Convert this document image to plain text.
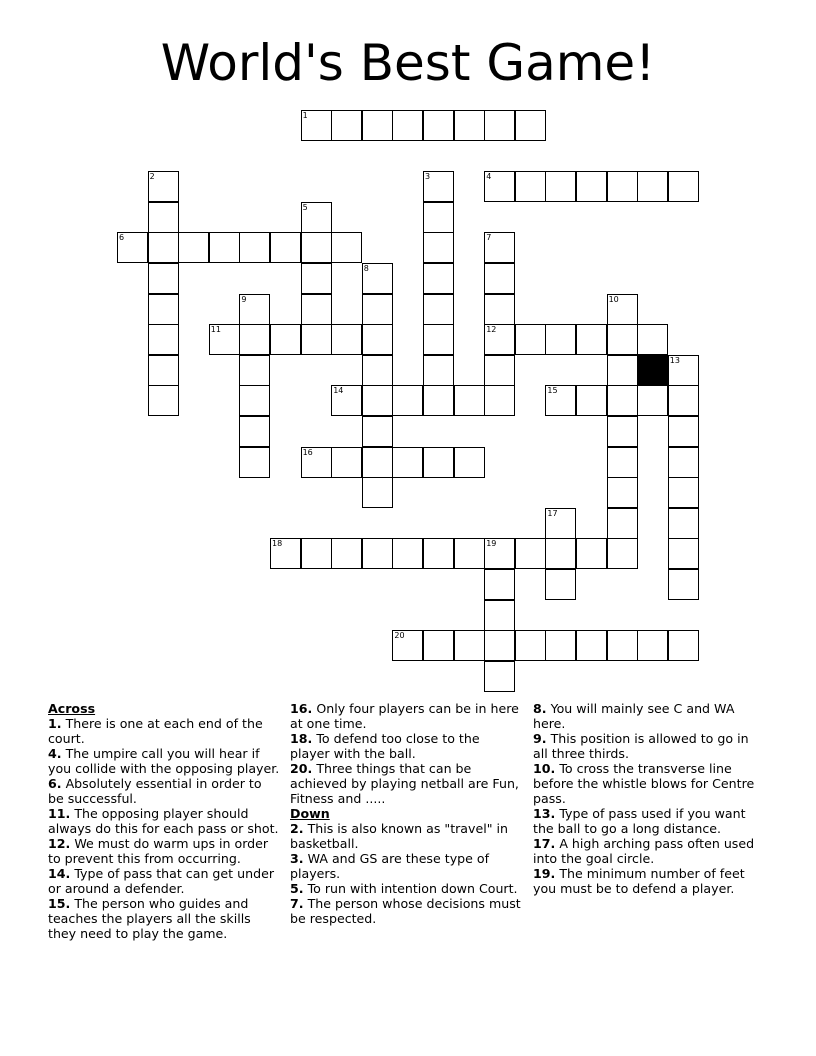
World's Best Game!
1
2	3	4
5
6	7
12
8
9	10
11
13
14	15
16
17
18	19
20
Across
1. There is one at each end of the court.
4. The umpire call you will hear if you collide with the opposing player.
6. Absolutely essential in order to be successful.
11. The opposing player should always do this for each pass or shot.
12. We must do warm ups in order to prevent this from occurring.
14. Type of pass that can get under or around a defender.
15. The person who guides and teaches the players all the skills they need to play the game.
16. Only four players can be in here at one time.
18. To defend too close to the player with the ball.
20. Three things that can be achieved by playing netball are Fun, Fitness and .....
Down
2. This is also known as "travel" in basketball.
3. WA and GS are these type of players.
5. To run with intention down Court.
7. The person whose decisions must be respected.
8. You will mainly see C and WA here.
9. This position is allowed to go in all three thirds.
10. To cross the transverse line before the whistle blows for Centre pass.
13. Type of pass used if you want the ball to go a long distance.
17. A high arching pass often used into the goal circle.
19. The minimum number of feet you must be to defend a player.
